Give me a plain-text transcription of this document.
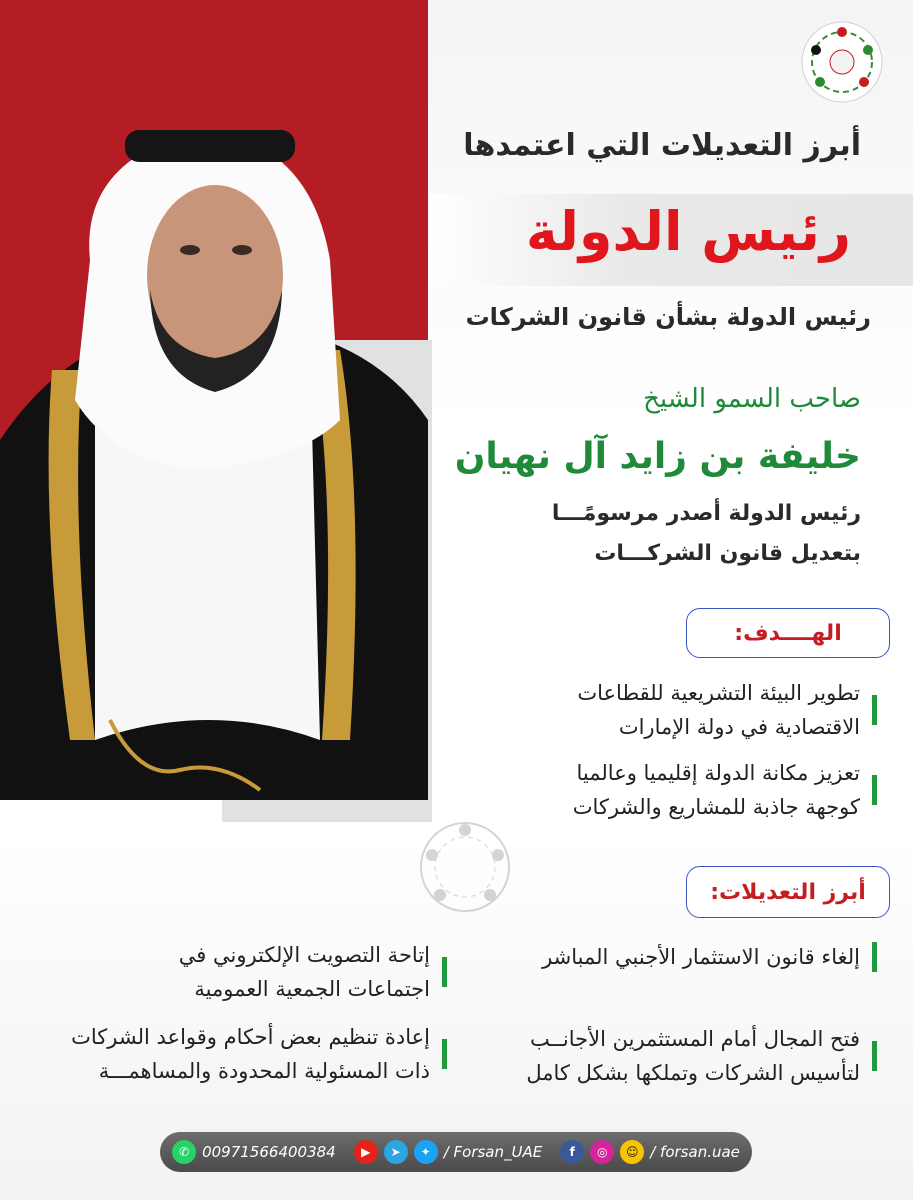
أبرز التعديلات التي اعتمدها
رئيس الدولة
رئيس الدولة بشأن قانون الشركات
صاحب السمو الشيخ
خليفة بن زايد آل نهيان
رئيس الدولة أصدر مرسومًـــا
بتعديل قانون الشركـــات
الهــــدف:
تطوير البيئة التشريعية للقطاعات
الاقتصادية في دولة الإمارات
تعزيز مكانة الدولة إقليميا وعالميا
كوجهة جاذبة للمشاريع والشركات
أبرز التعديلات:
إلغاء قانون الاستثمار الأجنبي المباشر
فتح المجال أمام المستثمرين الأجانــب
لتأسيس الشركات وتملكها بشكل كامل
إتاحة التصويت الإلكتروني في
اجتماعات الجمعية العمومية
إعادة تنظيم بعض أحكام وقواعد الشركات
ذات المسئولية المحدودة والمساهمـــة
✆ 00971566400384	▶	➤	✦ / Forsan_UAE	f	◎	☺ / forsan.uae
